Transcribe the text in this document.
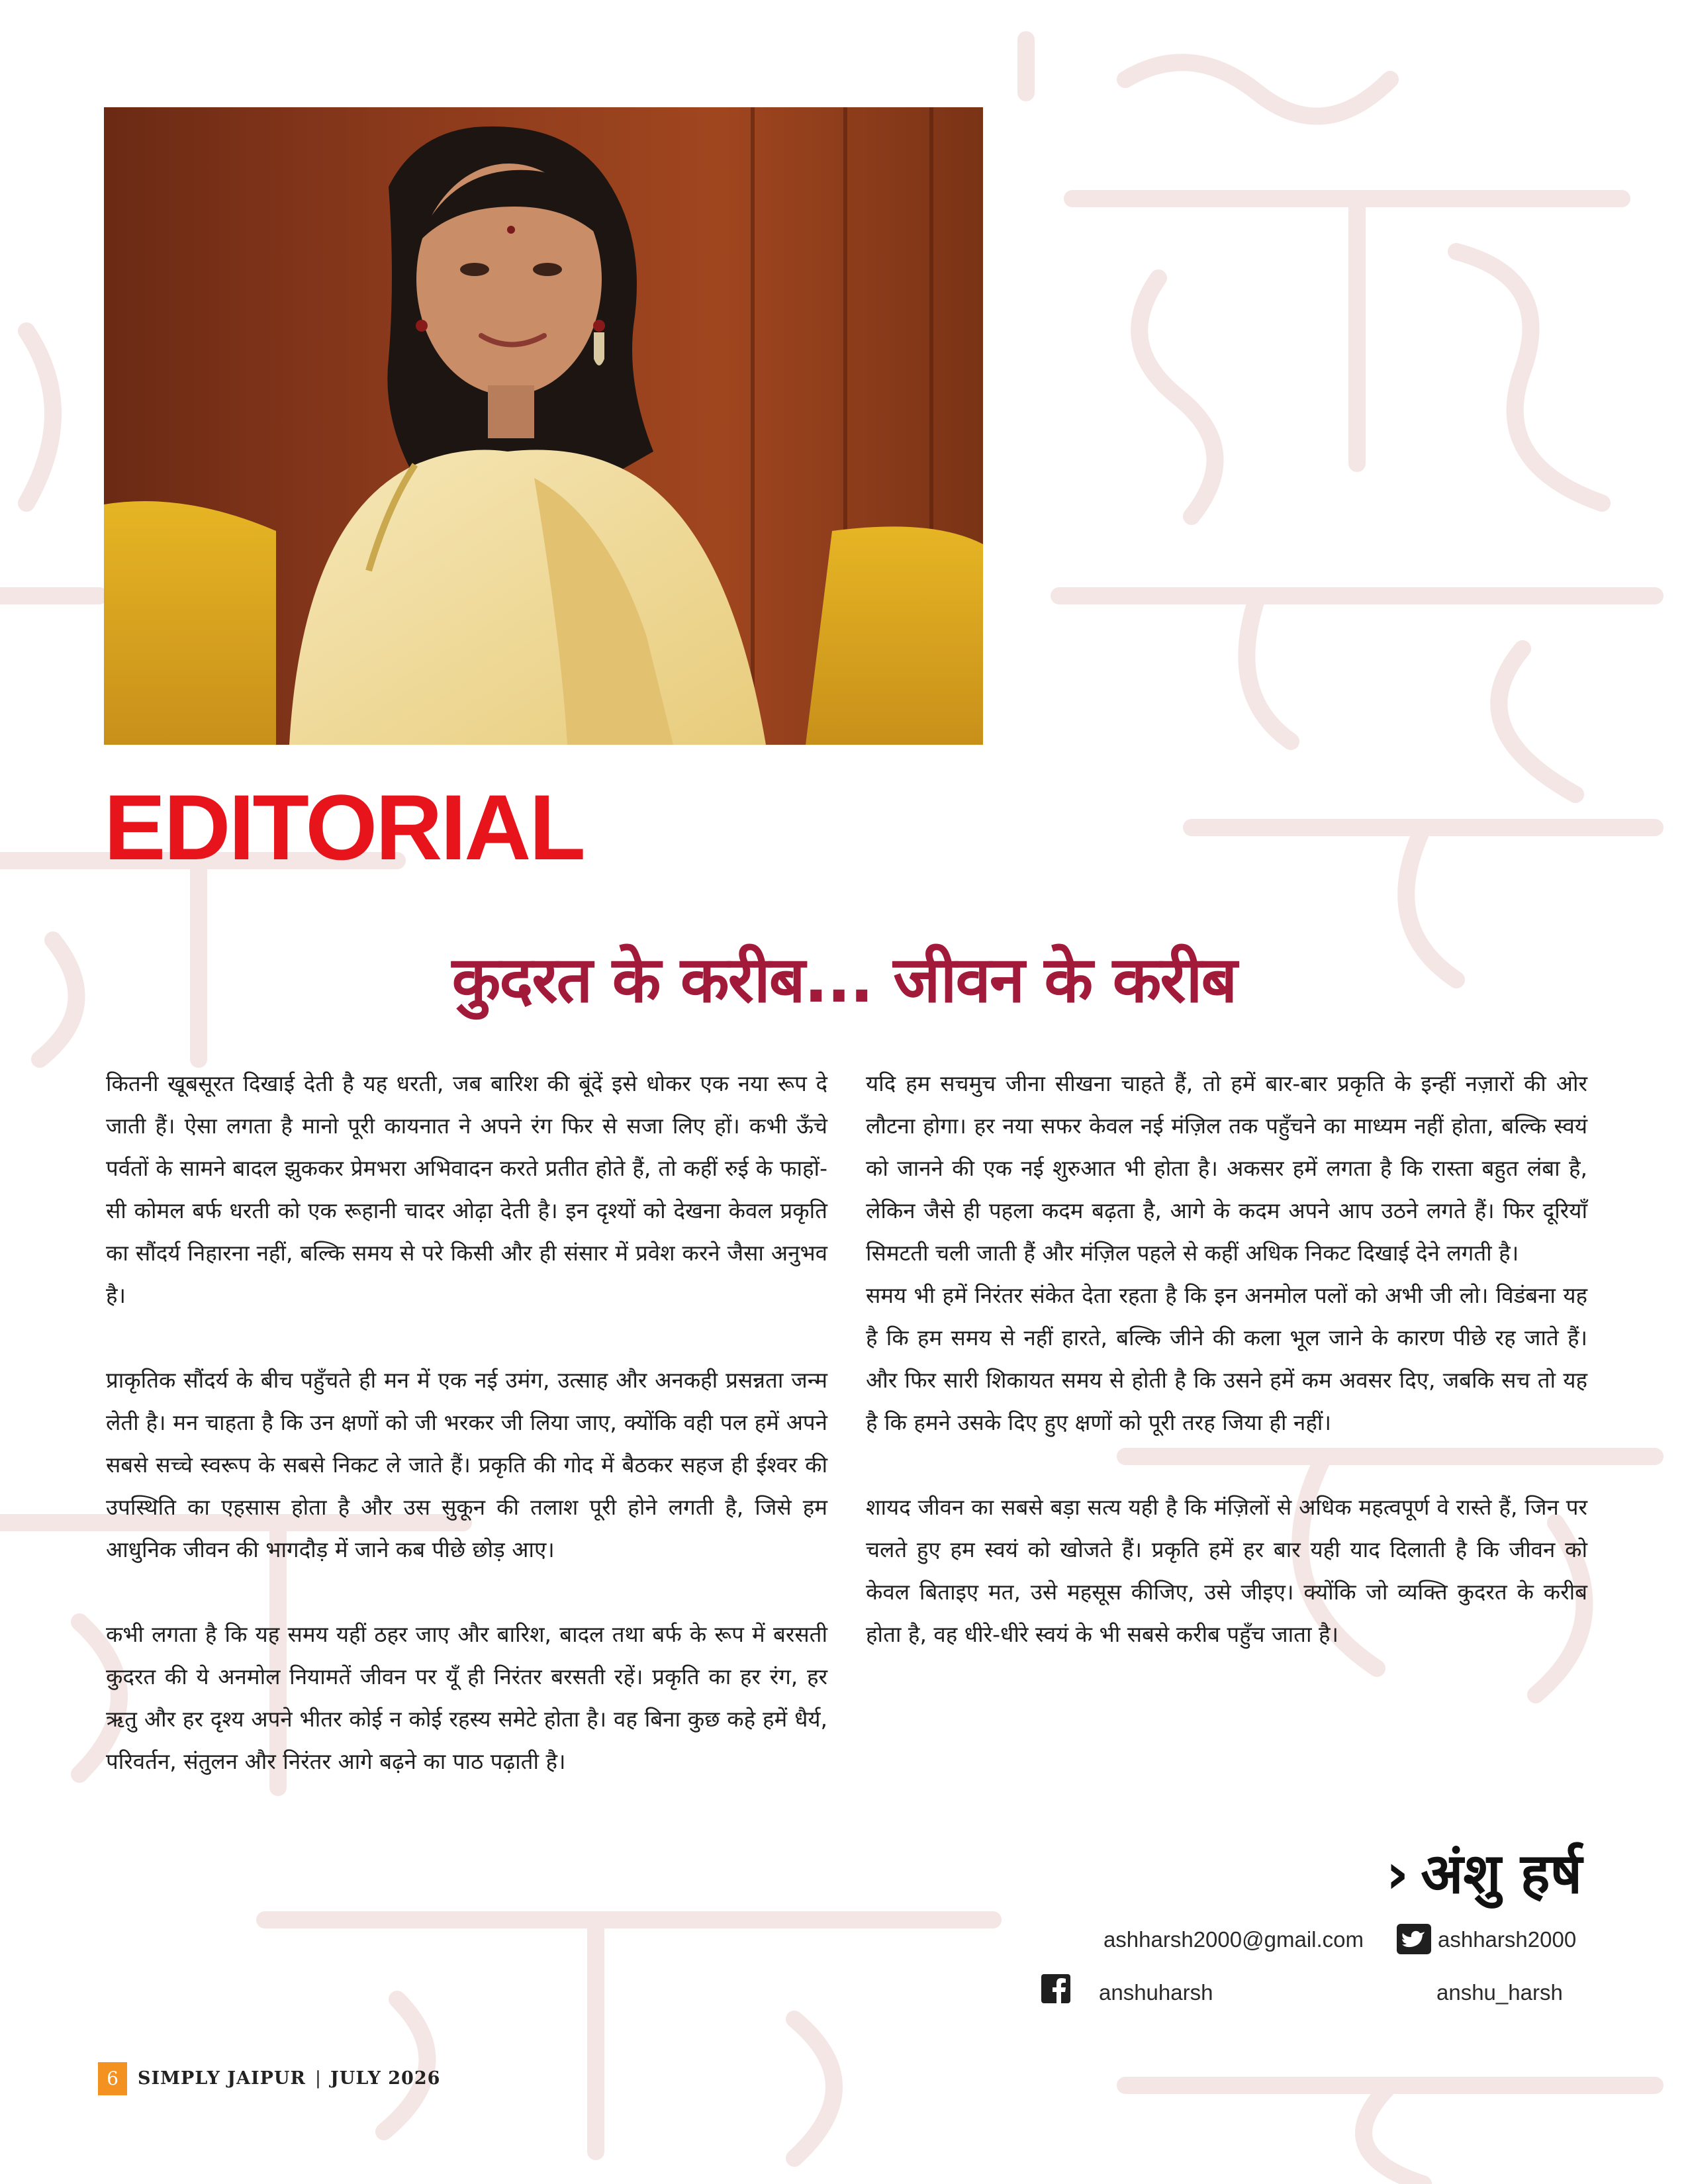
EDITORIAL
कुदरत के करीब... जीवन के करीब

कितनी खूबसूरत दिखाई देती है यह धरती, जब बारिश की बूंदें इसे धोकर एक नया रूप दे जाती हैं। ऐसा लगता है मानो पूरी कायनात ने अपने रंग फिर से सजा लिए हों। कभी ऊँचे पर्वतों के सामने बादल झुककर प्रेमभरा अभिवादन करते प्रतीत होते हैं, तो कहीं रुई के फाहों-सी कोमल बर्फ धरती को एक रूहानी चादर ओढ़ा देती है। इन दृश्यों को देखना केवल प्रकृति का सौंदर्य निहारना नहीं, बल्कि समय से परे किसी और ही संसार में प्रवेश करने जैसा अनुभव है।

प्राकृतिक सौंदर्य के बीच पहुँचते ही मन में एक नई उमंग, उत्साह और अनकही प्रसन्नता जन्म लेती है। मन चाहता है कि उन क्षणों को जी भरकर जी लिया जाए, क्योंकि वही पल हमें अपने सबसे सच्चे स्वरूप के सबसे निकट ले जाते हैं। प्रकृति की गोद में बैठकर सहज ही ईश्वर की उपस्थिति का एहसास होता है और उस सुकून की तलाश पूरी होने लगती है, जिसे हम आधुनिक जीवन की भागदौड़ में जाने कब पीछे छोड़ आए।

कभी लगता है कि यह समय यहीं ठहर जाए और बारिश, बादल तथा बर्फ के रूप में बरसती कुदरत की ये अनमोल नियामतें जीवन पर यूँ ही निरंतर बरसती रहें। प्रकृति का हर रंग, हर ऋतु और हर दृश्य अपने भीतर कोई न कोई रहस्य समेटे होता है। वह बिना कुछ कहे हमें धैर्य, परिवर्तन, संतुलन और निरंतर आगे बढ़ने का पाठ पढ़ाती है।

यदि हम सचमुच जीना सीखना चाहते हैं, तो हमें बार-बार प्रकृति के इन्हीं नज़ारों की ओर लौटना होगा। हर नया सफर केवल नई मंज़िल तक पहुँचने का माध्यम नहीं होता, बल्कि स्वयं को जानने की एक नई शुरुआत भी होता है। अकसर हमें लगता है कि रास्ता बहुत लंबा है, लेकिन जैसे ही पहला कदम बढ़ता है, आगे के कदम अपने आप उठने लगते हैं। फिर दूरियाँ सिमटती चली जाती हैं और मंज़िल पहले से कहीं अधिक निकट दिखाई देने लगती है।

समय भी हमें निरंतर संकेत देता रहता है कि इन अनमोल पलों को अभी जी लो। विडंबना यह है कि हम समय से नहीं हारते, बल्कि जीने की कला भूल जाने के कारण पीछे रह जाते हैं। और फिर सारी शिकायत समय से होती है कि उसने हमें कम अवसर दिए, जबकि सच तो यह है कि हमने उसके दिए हुए क्षणों को पूरी तरह जिया ही नहीं।

शायद जीवन का सबसे बड़ा सत्य यही है कि मंज़िलों से अधिक महत्वपूर्ण वे रास्ते हैं, जिन पर चलते हुए हम स्वयं को खोजते हैं। प्रकृति हमें हर बार यही याद दिलाती है कि जीवन को केवल बिताइए मत, उसे महसूस कीजिए, उसे जीइए। क्योंकि जो व्यक्ति कुदरत के करीब होता है, वह धीरे-धीरे स्वयं के भी सबसे करीब पहुँच जाता है।

› अंशु हर्ष
ashharsh2000@gmail.com	ashharsh2000
anshuharsh	anshu_harsh
6	SIMPLY JAIPUR | JULY 2026
